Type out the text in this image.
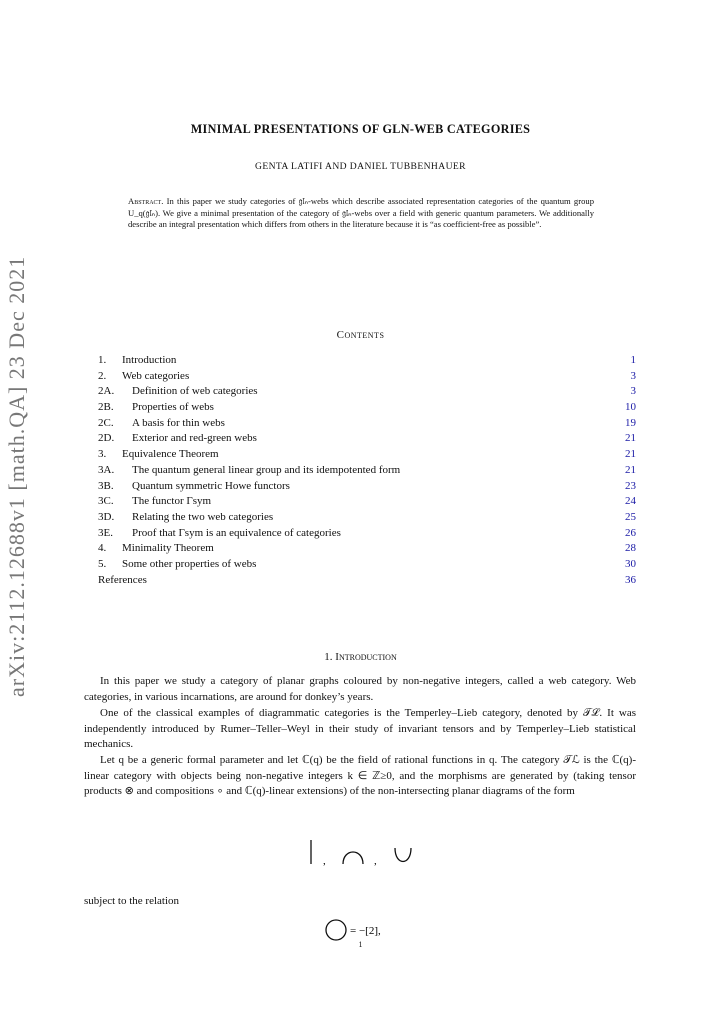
arXiv:2112.12688v1 [math.QA] 23 Dec 2021
MINIMAL PRESENTATIONS OF GLN-WEB CATEGORIES
GENTA LATIFI AND DANIEL TUBBENHAUER
Abstract. In this paper we study categories of 𝔤𝔩ₙ-webs which describe associated representation categories of the quantum group U_q(𝔤𝔩ₙ). We give a minimal presentation of the category of 𝔤𝔩ₙ-webs over a field with generic quantum parameters. We additionally describe an integral presentation which differs from others in the literature because it is “as coefficient-free as possible”.
Contents
1. Introduction	1
2. Web categories	3
2A. Definition of web categories	3
2B. Properties of webs	10
2C. A basis for thin webs	19
2D. Exterior and red-green webs	21
3. Equivalence Theorem	21
3A. The quantum general linear group and its idempotented form	21
3B. Quantum symmetric Howe functors	23
3C. The functor Γsym	24
3D. Relating the two web categories	25
3E. Proof that Γsym is an equivalence of categories	26
4. Minimality Theorem	28
5. Some other properties of webs	30
References	36
1. Introduction
In this paper we study a category of planar graphs coloured by non-negative integers, called a web category. Web categories, in various incarnations, are around for donkey’s years.
One of the classical examples of diagrammatic categories is the Temperley–Lieb category, denoted by 𝒯ℒ. It was independently introduced by Rumer–Teller–Weyl in their study of invariant tensors and by Temperley–Lieb statistical mechanics.
Let q be a generic formal parameter and let ℂ(q) be the field of rational functions in q. The category 𝒯ℒ is the ℂ(q)-linear category with objects being non-negative integers k ∈ ℤ≥0, and the morphisms are generated by (taking tensor products ⊗ and compositions ∘ and ℂ(q)-linear extensions) of the non-intersecting planar diagrams of the form
,	,
subject to the relation
= −[2],
1
